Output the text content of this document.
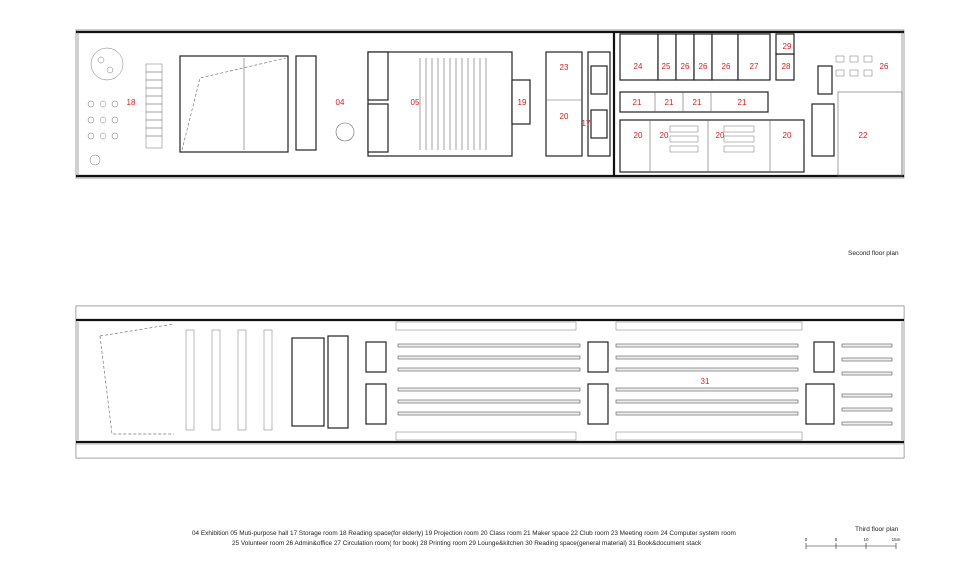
18	04	05	19
23
20
17
24 25 26 26 26 27	28
29
26
21	21 21	21
20 20	20	20	22
31
0	5	10	15m
Second floor plan
Third floor plan
04 Exhibition 05 Muti-purpose hall 17 Storage room 18 Reading space(for elderly) 19 Projection room 20 Class room 21 Maker space 22 Club room 23 Meeting room 24 Computer system room
25 Volunteer room 26 Admin&office 27 Circulation room( for book) 28 Printing room 29 Lounge&kitchen 30 Reading space(general material) 31 Book&document stack
